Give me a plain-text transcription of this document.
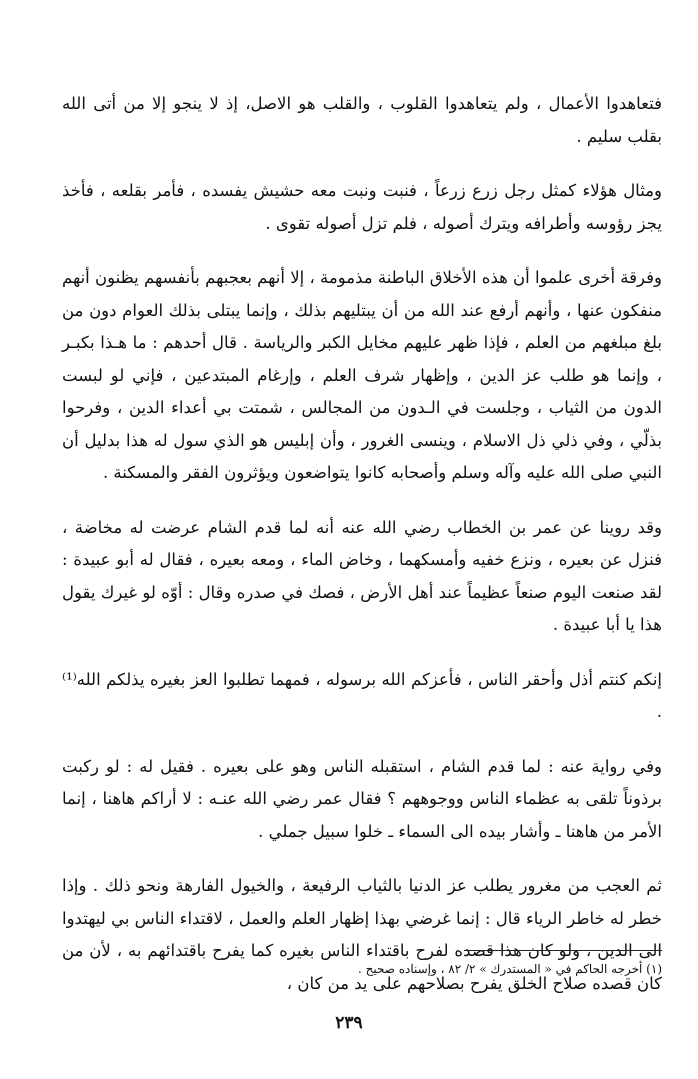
فتعاهدوا الأعمال ، ولم يتعاهدوا القلوب ، والقلب هو الاصل، إذ لا ينجو إلا من أتى الله بقلب سليم .

ومثال هؤلاء كمثل رجل زرع زرعاً ، فنبت ونبت معه حشيش يفسده ، فأمر بقلعه ، فأخذ يجز رؤوسه وأطرافه ويترك أصوله ، فلم تزل أصوله تقوى .

وفرقة أخرى علموا أن هذه الأخلاق الباطنة مذمومة ، إلا أنهم بعجبهم بأنفسهم يظنون أنهم منفكون عنها ، وأنهم أرفع عند الله من أن يبتليهم بذلك ، وإنما يبتلى بذلك العوام دون من بلغ مبلغهم من العلم ، فإذا ظهر عليهم مخايل الكبر والرياسة . قال أحدهم : ما هـذا بكبـر ، وإنما هو طلب عز الدين ، وإظهار شرف العلم ، وإرغام المبتدعين ، فإني لو لبست الدون من الثياب ، وجلست في الـدون من المجالس ، شمتت بي أعداء الدين ، وفرحوا بذلّي ، وفي ذلي ذل الاسلام ، وينسى الغرور ، وأن إبليس هو الذي سول له هذا بدليل أن النبي صلى الله عليه وآله وسلم وأصحابه كانوا يتواضعون ويؤثرون الفقر والمسكنة .

وقد روينا عن عمر بن الخطاب رضي الله عنه أنه لما قدم الشام عرضت له مخاضة ، فنزل عن بعيره ، ونزع خفيه وأمسكهما ، وخاض الماء ، ومعه بعيره ، فقال له أبو عبيدة : لقد صنعت اليوم صنعاً عظيماً عند أهل الأرض ، فصك في صدره وقال : أوّه لو غيرك يقول هذا يا أبا عبيدة .

إنكم كنتم أذل وأحقر الناس ، فأعزكم الله برسوله ، فمهما تطلبوا العز بغيره يذلكم الله⁽¹⁾ .

وفي رواية عنه : لما قدم الشام ، استقبله الناس وهو على بعيره . فقيل له : لو ركبت برذوناً تلقى به عظماء الناس ووجوههم ؟ فقال عمر رضي الله عنـه : لا أراكم هاهنا ، إنما الأمر من هاهنا ـ وأشار بيده الى السماء ـ خلوا سبيل جملي .

ثم العجب من مغرور يطلب عز الدنيا بالثياب الرفيعة ، والخيول الفارهة ونحو ذلك . وإذا خطر له خاطر الرياء قال : إنما غرضي بهذا إظهار العلم والعمل ، لاقتداء الناس بي ليهتدوا الى الدين ، ولو كان هذا قصده لفرح باقتداء الناس بغيره كما يفرح باقتدائهم به ، لأن من كان قصده صلاح الخلق يفرح بصلاحهم على يد من كان ،

(١) أخرجه الحاكم في « المستدرك » ٢/ ٨٢ ، وإسناده صحيح .
٢٣٩
